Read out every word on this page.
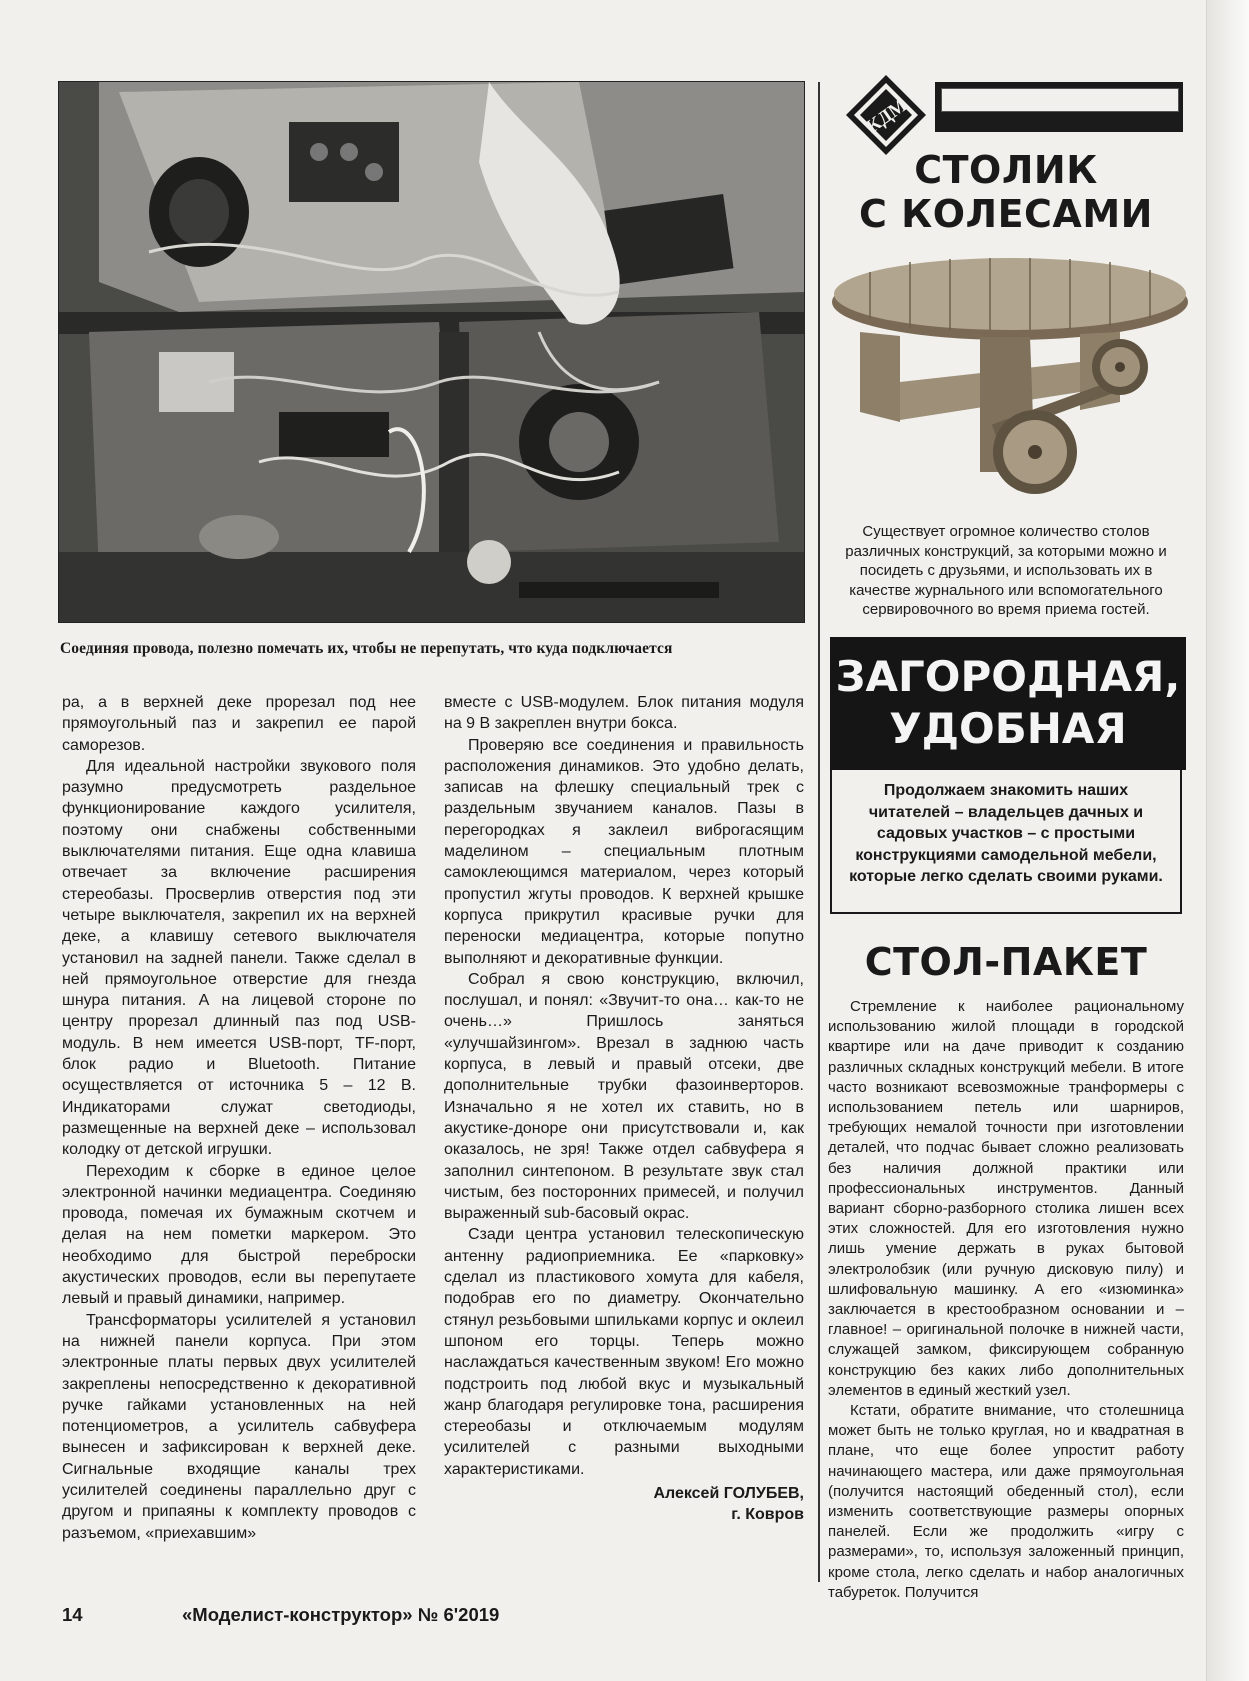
Соединяя провода, полезно помечать их, чтобы не перепутать, что куда подключается

ра, а в верхней деке прорезал под нее прямоугольный паз и закрепил ее парой саморезов.

Для идеальной настройки звукового поля разумно предусмотреть раздельное функционирование каждого усилителя, поэтому они снабжены собственными выключателями питания. Еще одна клавиша отвечает за включение расширения стереобазы. Просверлив отверстия под эти четыре выключателя, закрепил их на верхней деке, а клавишу сетевого выключателя установил на задней панели. Также сделал в ней прямоугольное отверстие для гнезда шнура питания. А на лицевой стороне по центру прорезал длинный паз под USB-модуль. В нем имеется USB-порт, TF-порт, блок радио и Bluetooth. Питание осуществляется от источника 5 – 12 В. Индикаторами служат светодиоды, размещенные на верхней деке – использовал колодку от детской игрушки.

Переходим к сборке в единое целое электронной начинки медиацентра. Соединяю провода, помечая их бумажным скотчем и делая на нем пометки маркером. Это необходимо для быстрой переброски акустических проводов, если вы перепутаете левый и правый динамики, например.

Трансформаторы усилителей я установил на нижней панели корпуса. При этом электронные платы первых двух усилителей закреплены непосредственно к декоративной ручке гайками установленных на ней потенциометров, а усилитель сабвуфера вынесен и зафиксирован к верхней деке. Сигнальные входящие каналы трех усилителей соединены параллельно друг с другом и припаяны к комплекту проводов с разъемом, «приехавшим»

вместе с USB-модулем. Блок питания модуля на 9 В закреплен внутри бокса.

Проверяю все соединения и правильность расположения динамиков. Это удобно делать, записав на флешку специальный трек с раздельным звучанием каналов. Пазы в перегородках я заклеил виброгасящим маделином – специальным плотным самоклеющимся материалом, через который пропустил жгуты проводов. К верхней крышке корпуса прикрутил красивые ручки для переноски медиацентра, которые попутно выполняют и декоративные функции.

Собрал я свою конструкцию, включил, послушал, и понял: «Звучит-то она… как-то не очень…» Пришлось заняться «улучшайзингом». Врезал в заднюю часть корпуса, в левый и правый отсеки, две дополнительные трубки фазоинверторов. Изначально я не хотел их ставить, но в акустике-доноре они присутствовали и, как оказалось, не зря! Также отдел сабвуфера я заполнил синтепоном. В результате звук стал чистым, без посторонних примесей, и получил выраженный sub-басовый окрас.

Сзади центра установил телескопическую антенну радиоприемника. Ее «парковку» сделал из пластикового хомута для кабеля, подобрав его по диаметру. Окончательно стянул резьбовыми шпильками корпус и оклеил шпоном его торцы. Теперь можно наслаждаться качественным звуком! Его можно подстроить под любой вкус и музыкальный жанр благодаря регулировке тона, расширения стереобазы и отключаемым модулям усилителей с разными выходными характеристиками.

Алексей ГОЛУБЕВ,
г. Ковров
КДМ
СТОЛИК
С КОЛЕСАМИ
Существует огромное количество столов различных конструкций, за которыми можно и посидеть с друзьями, и использовать их в качестве журнального или вспомогательного сервировочного во время приема гостей.
ЗАГОРОДНАЯ,
УДОБНАЯ
Продолжаем знакомить наших читателей – владельцев дачных и садовых участков – с простыми конструкциями самодельной мебели, которые легко сделать своими руками.
СТОЛ-ПАКЕТ

Стремление к наиболее рациональному использованию жилой площади в городской квартире или на даче приводит к созданию различных складных конструкций мебели. В итоге часто возникают всевозможные транформеры с использованием петель или шарниров, требующих немалой точности при изготовлении деталей, что подчас бывает сложно реализовать без наличия должной практики или профессиональных инструментов. Данный вариант сборно-разборного столика лишен всех этих сложностей. Для его изготовления нужно лишь умение держать в руках бытовой электролобзик (или ручную дисковую пилу) и шлифовальную машинку. А его «изюминка» заключается в крестообразном основании и – главное! – оригинальной полочке в нижней части, служащей замком, фиксирующем собранную конструкцию без каких либо дополнительных элементов в единый жесткий узел.

Кстати, обратите внимание, что столешница может быть не только круглая, но и квадратная в плане, что еще более упростит работу начинающего мастера, или даже прямоугольная (получится настоящий обеденный стол), если изменить соответствующие размеры опорных панелей. Если же продолжить «игру с размерами», то, используя заложенный принцип, кроме стола, легко сделать и набор аналогичных табуреток. Получится

14	«Моделист-конструктор» № 6'2019
